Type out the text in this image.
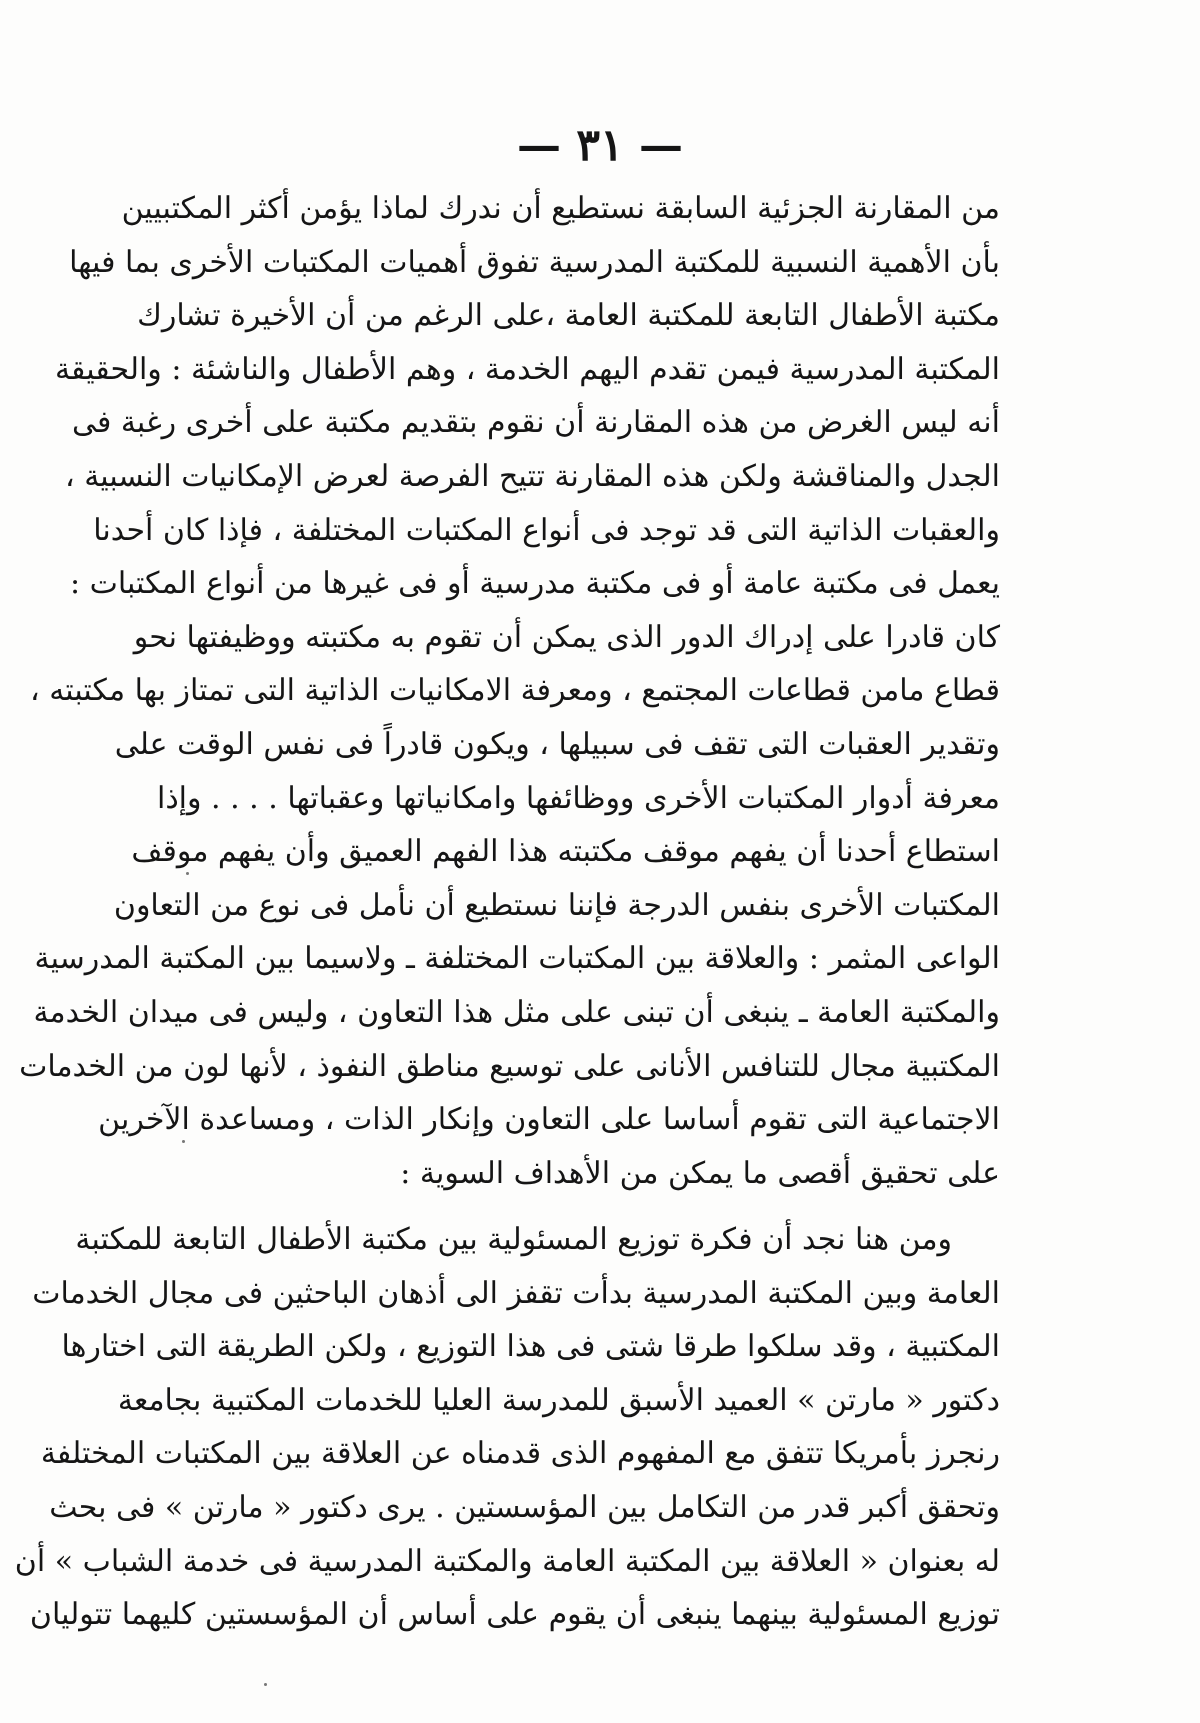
— ٣١ —
من المقارنة الجزئية السابقة نستطيع أن ندرك لماذا يؤمن أكثر المكتبيين
بأن الأهمية النسبية للمكتبة المدرسية تفوق أهميات المكتبات الأخرى بما فيها
مكتبة الأطفال التابعة للمكتبة العامة ،على الرغم من أن الأخيرة تشارك
المكتبة المدرسية فيمن تقدم اليهم الخدمة ، وهم الأطفال والناشئة : والحقيقة
أنه ليس الغرض من هذه المقارنة أن نقوم بتقديم مكتبة على أخرى رغبة فى
الجدل والمناقشة ولكن هذه المقارنة تتيح الفرصة لعرض الإمكانيات النسبية ،
والعقبات الذاتية التى قد توجد فى أنواع المكتبات المختلفة ، فإذا كان أحدنا
يعمل فى مكتبة عامة أو فى مكتبة مدرسية أو فى غيرها من أنواع المكتبات :
كان قادرا على إدراك الدور الذى يمكن أن تقوم به مكتبته ووظيفتها نحو
قطاع مامن قطاعات المجتمع ، ومعرفة الامكانيات الذاتية التى تمتاز بها مكتبته ،
وتقدير العقبات التى تقف فى سبيلها ، ويكون قادراً فى نفس الوقت على
معرفة أدوار المكتبات الأخرى ووظائفها وامكانياتها وعقباتها . . . . وإذا
استطاع أحدنا أن يفهم موقف مكتبته هذا الفهم العميق وأن يفهم موقف
المكتبات الأخرى بنفس الدرجة فإننا نستطيع أن نأمل فى نوع من التعاون
الواعى المثمر : والعلاقة بين المكتبات المختلفة ـ ولاسيما بين المكتبة المدرسية
والمكتبة العامة ـ ينبغى أن تبنى على مثل هذا التعاون ، وليس فى ميدان الخدمة
المكتبية مجال للتنافس الأنانى على توسيع مناطق النفوذ ، لأنها لون من الخدمات
الاجتماعية التى تقوم أساسا على التعاون وإنكار الذات ، ومساعدة الآخرين
على تحقيق أقصى ما يمكن من الأهداف السوية :
ومن هنا نجد أن فكرة توزيع المسئولية بين مكتبة الأطفال التابعة للمكتبة
العامة وبين المكتبة المدرسية بدأت تقفز الى أذهان الباحثين فى مجال الخدمات
المكتبية ، وقد سلكوا طرقا شتى فى هذا التوزيع ، ولكن الطريقة التى اختارها
دكتور « مارتن » العميد الأسبق للمدرسة العليا للخدمات المكتبية بجامعة
رنجرز بأمريكا تتفق مع المفهوم الذى قدمناه عن العلاقة بين المكتبات المختلفة
وتحقق أكبر قدر من التكامل بين المؤسستين . يرى دكتور « مارتن » فى بحث
له بعنوان « العلاقة بين المكتبة العامة والمكتبة المدرسية فى خدمة الشباب » أن
توزيع المسئولية بينهما ينبغى أن يقوم على أساس أن المؤسستين كليهما تتوليان
